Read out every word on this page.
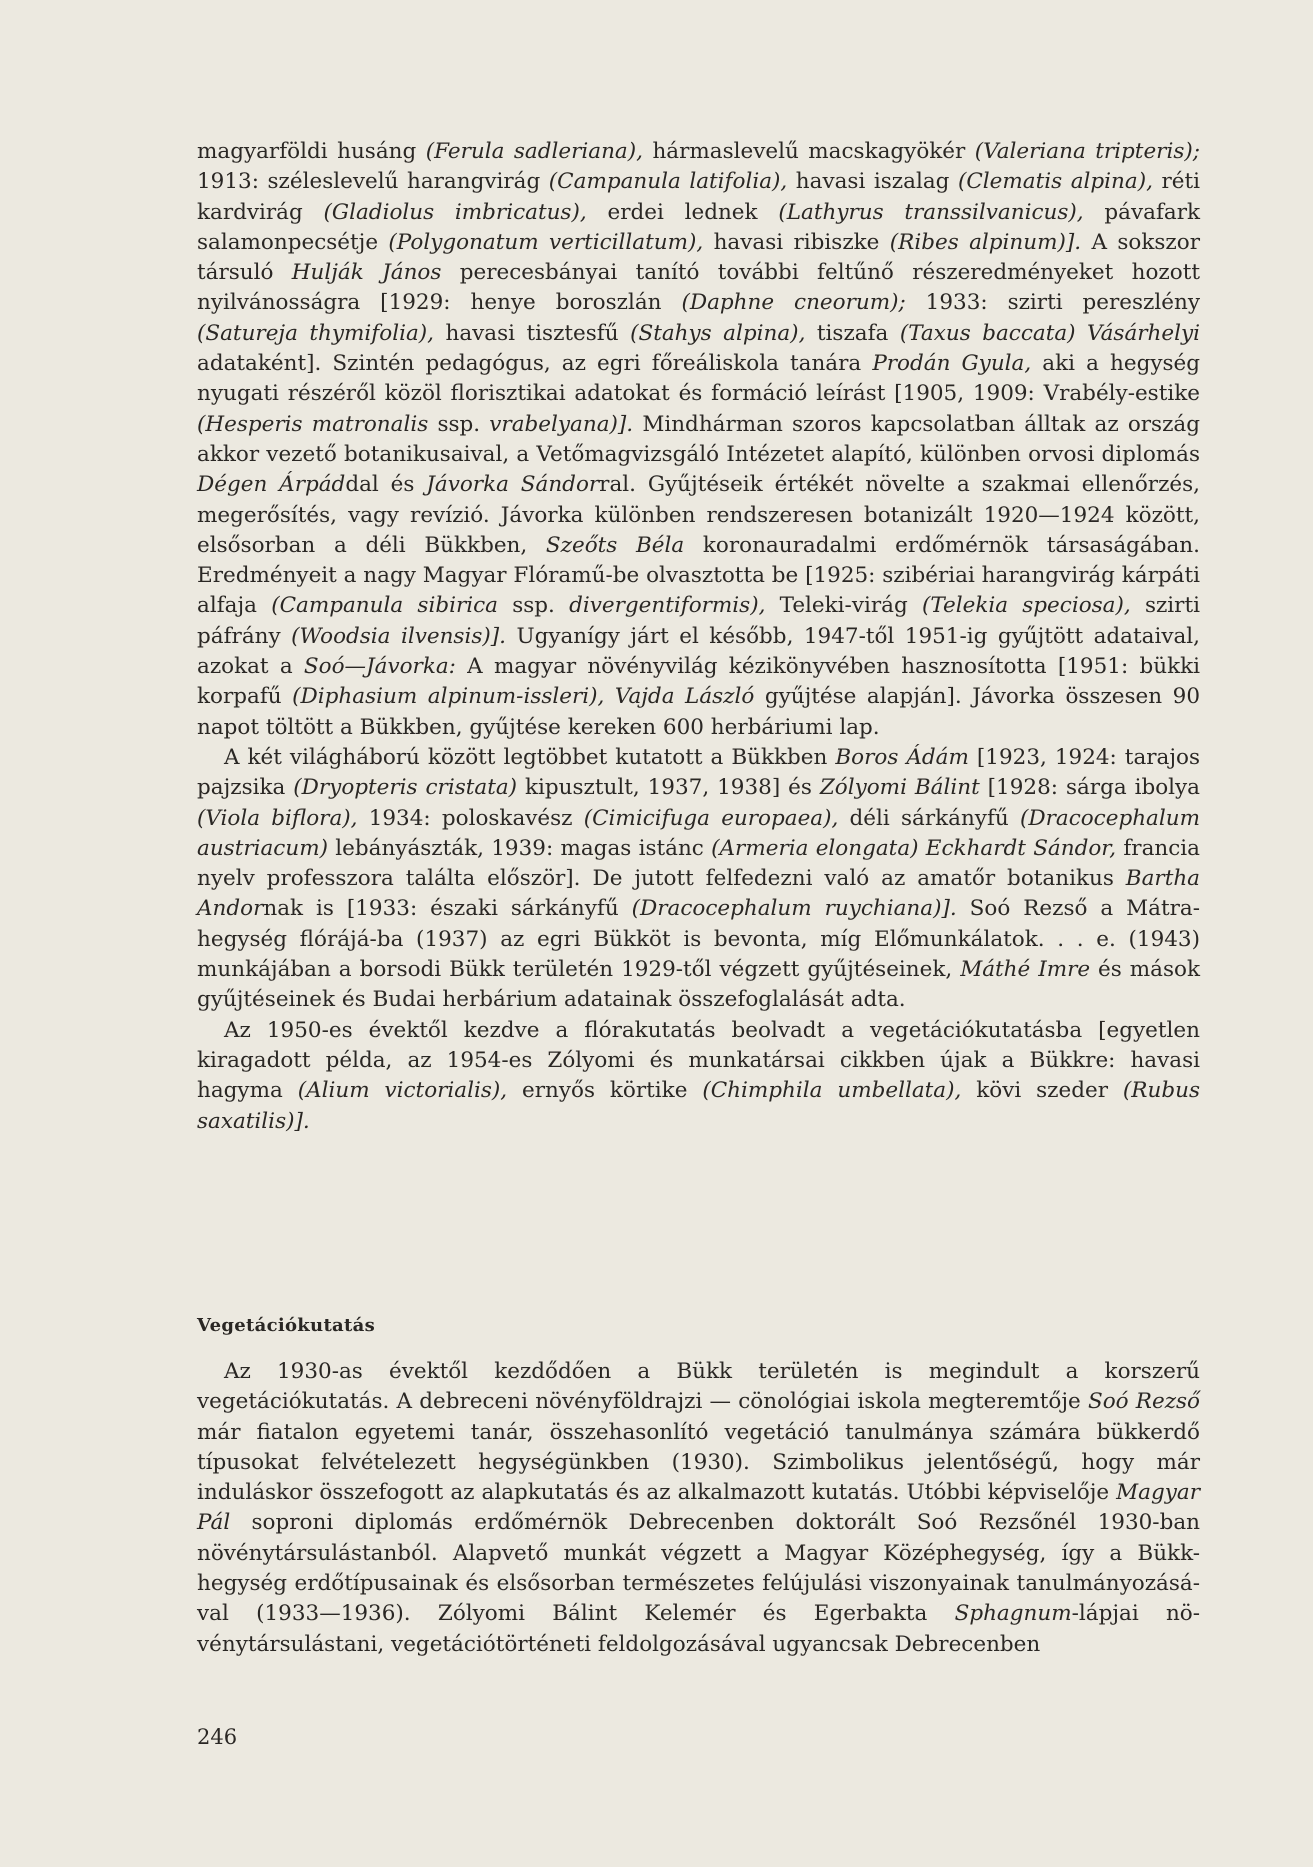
magyarföldi husáng (Ferula sadleriana), hármaslevelű macskagyökér (Valeriana tripteris); 1913: széleslevelű harangvirág (Campanula latifolia), havasi iszalag (Clematis alpina), réti kardvirág (Gladiolus imbricatus), erdei lednek (Lathyrus transsilvanicus), pávafark salamonpecsétje (Polygonatum verticillatum), havasi ribiszke (Ribes alpinum)]. A sokszor társuló Hulják János perecesbányai tanító további feltűnő részeredményeket hozott nyilvánosságra [1929: henye boroszlán (Daphne cneorum); 1933: szirti pereszlény (Satureja thymifolia), havasi tisztesfű (Stahys alpina), tiszafa (Taxus baccata) Vásárhelyi adataként]. Szintén pedagógus, az egri főreáliskola tanára Prodán Gyula, aki a hegység nyugati részéről közöl florisztikai adatokat és formáció leírást [1905, 1909: Vrabély-estike (Hesperis matronalis ssp. vrabelyana)]. Mindhárman szoros kapcsolatban álltak az ország akkor vezető botanikusaival, a Vetőmagvizsgáló Intézetet alapító, különben orvosi diplomás Dégen Árpáddal és Jávorka Sándorral. Gyűjtéseik értékét növelte a szakmai ellenőrzés, megerősítés, vagy revízió. Jávorka különben rendszeresen botanizált 1920—1924 között, elsősorban a déli Bükkben, Szeőts Béla koronauradalmi erdőmérnök társaságában. Eredményeit a nagy Magyar Flóramű-be olvasztotta be [1925: szibériai harangvirág kárpáti alfaja (Campanula sibirica ssp. divergentiformis), Teleki-virág (Telekia speciosa), szirti páfrány (Woodsia ilvensis)]. Ugyanígy járt el később, 1947-től 1951-ig gyűjtött adataival, azokat a Soó—Jávorka: A magyar növényvilág kézikönyvében hasznosította [1951: bükki korpafű (Diphasium alpinum-issleri), Vajda László gyűjtése alapján]. Jávorka összesen 90 napot töltött a Bükkben, gyűjtése kereken 600 herbáriumi lap.

A két világháború között legtöbbet kutatott a Bükkben Boros Ádám [1923, 1924: tarajos pajzsika (Dryopteris cristata) kipusztult, 1937, 1938] és Zólyomi Bálint [1928: sárga ibolya (Viola biflora), 1934: poloskavész (Cimicifuga europaea), déli sárkányfű (Dracocephalum austriacum) lebányászták, 1939: magas istánc (Armeria elongata) Eckhardt Sándor, francia nyelv professzora találta először]. De jutott felfedezni való az amatőr botanikus Bartha Andornak is [1933: északi sárkányfű (Dracocephalum ruychiana)]. Soó Rezső a Mátrahegység flórájá-ba (1937) az egri Bükköt is bevonta, míg Előmunkálatok. . . e. (1943) munkájában a borsodi Bükk területén 1929-től végzett gyűjtéseinek, Máthé Imre és mások gyűjtéseinek és Budai herbárium adatainak összefoglalását adta.

Az 1950-es évektől kezdve a flórakutatás beolvadt a vegetációkutatásba [egyetlen kiragadott példa, az 1954-es Zólyomi és munkatársai cikkben újak a Bükkre: havasi hagyma (Alium victorialis), ernyős körtike (Chimphila umbellata), kövi szeder (Rubus saxatilis)].

Vegetációkutatás

Az 1930-as évektől kezdődően a Bükk területén is megindult a korszerű vegetációkutatás. A debreceni növényföldrajzi — cönológiai iskola megteremtője Soó Rezső már fiatalon egyetemi tanár, összehasonlító vegetáció tanulmánya számára bükkerdő típusokat felvételezett hegységünkben (1930). Szimbolikus jelentőségű, hogy már induláskor összefogott az alapkutatás és az alkalmazott kutatás. Utóbbi képviselője Magyar Pál soproni diplomás erdőmérnök Debrecenben doktorált Soó Rezsőnél 1930-ban növénytársulástanból. Alapvető munkát végzett a Magyar Középhegység, így a Bükk-hegység erdőtípusainak és elsősorban természetes felújulási viszonyainak tanulmányozásával (1933—1936). Zólyomi Bálint Kelemér és Egerbakta Sphagnum-lápjai növénytársulástani, vegetációtörténeti feldolgozásával ugyancsak Debrecenben

246
